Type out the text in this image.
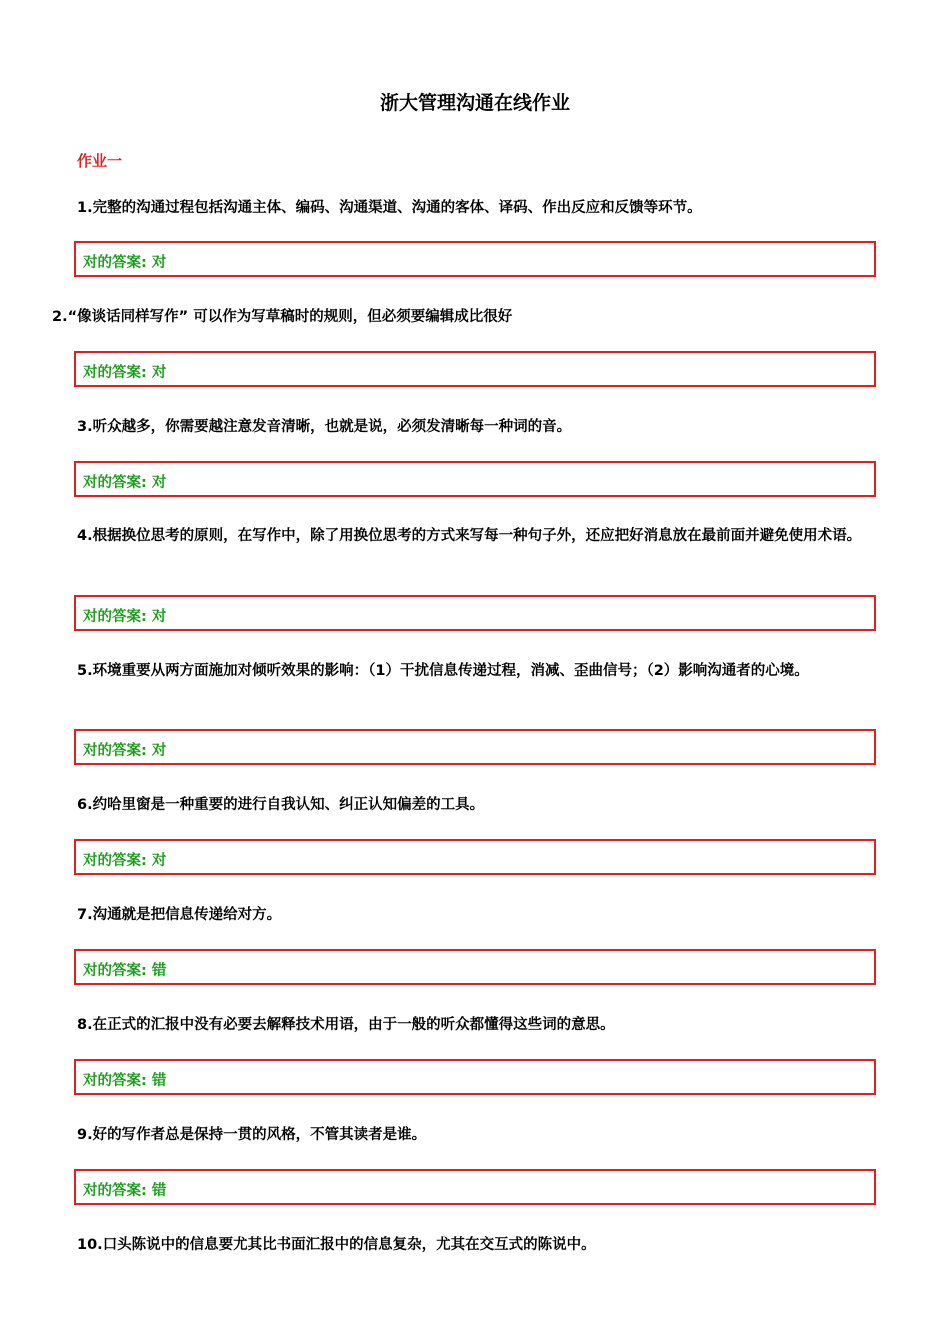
浙大管理沟通在线作业
作业一
1.完整的沟通过程包括沟通主体、编码、沟通渠道、沟通的客体、译码、作出反应和反馈等环节。
对的答案: 对
2.“像谈话同样写作” 可以作为写草稿时的规则，但必须要编辑成比很好
对的答案: 对
3.听众越多，你需要越注意发音清晰，也就是说，必须发清晰每一种词的音。
对的答案: 对
4.根据换位思考的原则，在写作中，除了用换位思考的方式来写每一种句子外，还应把好消息放在最前面并避免使用术语。
对的答案: 对
5.环境重要从两方面施加对倾听效果的影响：（1）干扰信息传递过程，消减、歪曲信号；（2）影响沟通者的心境。
对的答案: 对
6.约哈里窗是一种重要的进行自我认知、纠正认知偏差的工具。
对的答案: 对
7.沟通就是把信息传递给对方。
对的答案: 错
8.在正式的汇报中没有必要去解释技术用语，由于一般的听众都懂得这些词的意思。
对的答案: 错
9.好的写作者总是保持一贯的风格，不管其读者是谁。
对的答案: 错
10.口头陈说中的信息要尤其比书面汇报中的信息复杂，尤其在交互式的陈说中。
